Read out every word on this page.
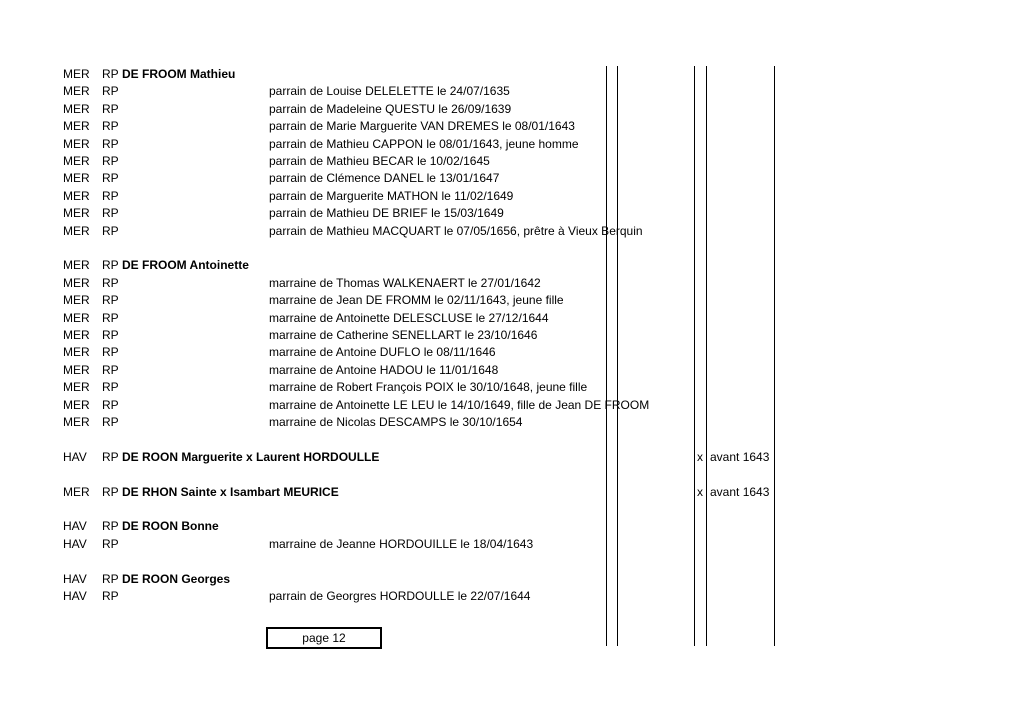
MER RP DE FROOM Mathieu
MER RP	parrain de Louise DELELETTE le 24/07/1635
MER RP	parrain de Madeleine QUESTU le 26/09/1639
MER RP	parrain de Marie Marguerite VAN DREMES le 08/01/1643
MER RP	parrain de Mathieu CAPPON le 08/01/1643, jeune homme
MER RP	parrain de Mathieu BECAR le 10/02/1645
MER RP	parrain de Clémence DANEL le 13/01/1647
MER RP	parrain de Marguerite MATHON le 11/02/1649
MER RP	parrain de Mathieu DE BRIEF le 15/03/1649
MER RP	parrain de Mathieu MACQUART le 07/05/1656, prêtre à Vieux Berquin
MER RP DE FROOM Antoinette
MER RP	marraine de Thomas WALKENAERT le 27/01/1642
MER RP	marraine de Jean DE FROMM le 02/11/1643, jeune fille
MER RP	marraine de Antoinette DELESCLUSE le 27/12/1644
MER RP	marraine de Catherine SENELLART le 23/10/1646
MER RP	marraine de Antoine DUFLO le 08/11/1646
MER RP	marraine de Antoine HADOU le 11/01/1648
MER RP	marraine de Robert François POIX le 30/10/1648, jeune fille
MER RP	marraine de Antoinette LE LEU le 14/10/1649, fille de Jean DE FROOM
MER RP	marraine de Nicolas DESCAMPS le 30/10/1654
HAV RP DE ROON Marguerite x Laurent HORDOULLE	x avant 1643
MER RP DE RHON Sainte x Isambart MEURICE	x avant 1643
HAV RP DE ROON Bonne
HAV RP	marraine de Jeanne HORDOUILLE le 18/04/1643
HAV RP DE ROON Georges
HAV RP	parrain de Georgres HORDOULLE le 22/07/1644
page 12
